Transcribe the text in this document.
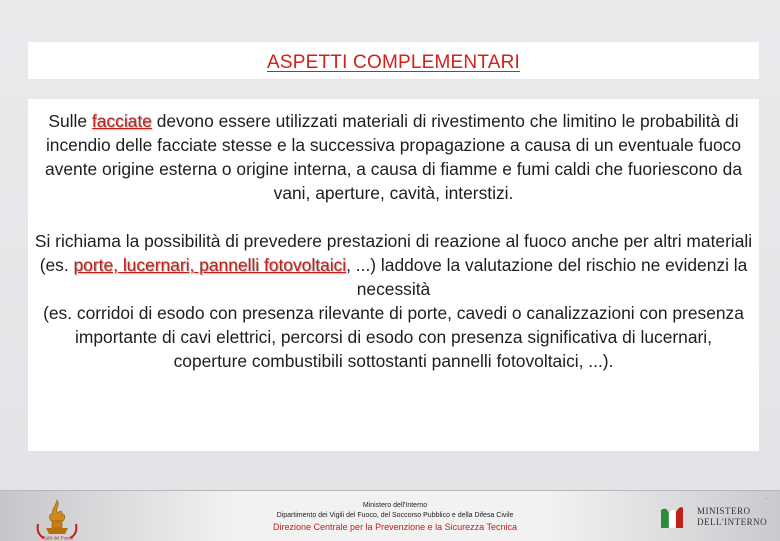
ASPETTI COMPLEMENTARI
Sulle facciate devono essere utilizzati materiali di rivestimento che limitino le probabilità di incendio delle facciate stesse e la successiva propagazione a causa di un eventuale fuoco avente origine esterna o origine interna, a causa di fiamme e fumi caldi che fuoriescono da vani, aperture, cavità, interstizi.
Si richiama la possibilità di prevedere prestazioni di reazione al fuoco anche per altri materiali (es. porte, lucernari, pannelli fotovoltaici, ...) laddove la valutazione del rischio ne evidenzi la necessità
(es. corridoi di esodo con presenza rilevante di porte, cavedi o canalizzazioni con presenza importante di cavi elettrici, percorsi di esodo con presenza significativa di lucernari,
coperture combustibili sottostanti pannelli fotovoltaici, ...).
Vigili del Fuoco
Ministero dell'Interno
Dipartimento dei Vigili del Fuoco, del Soccorso Pubblico e della Difesa Civile
Direzione Centrale per la Prevenzione e la Sicurezza Tecnica
MINISTERO
DELL'INTERNO
.
